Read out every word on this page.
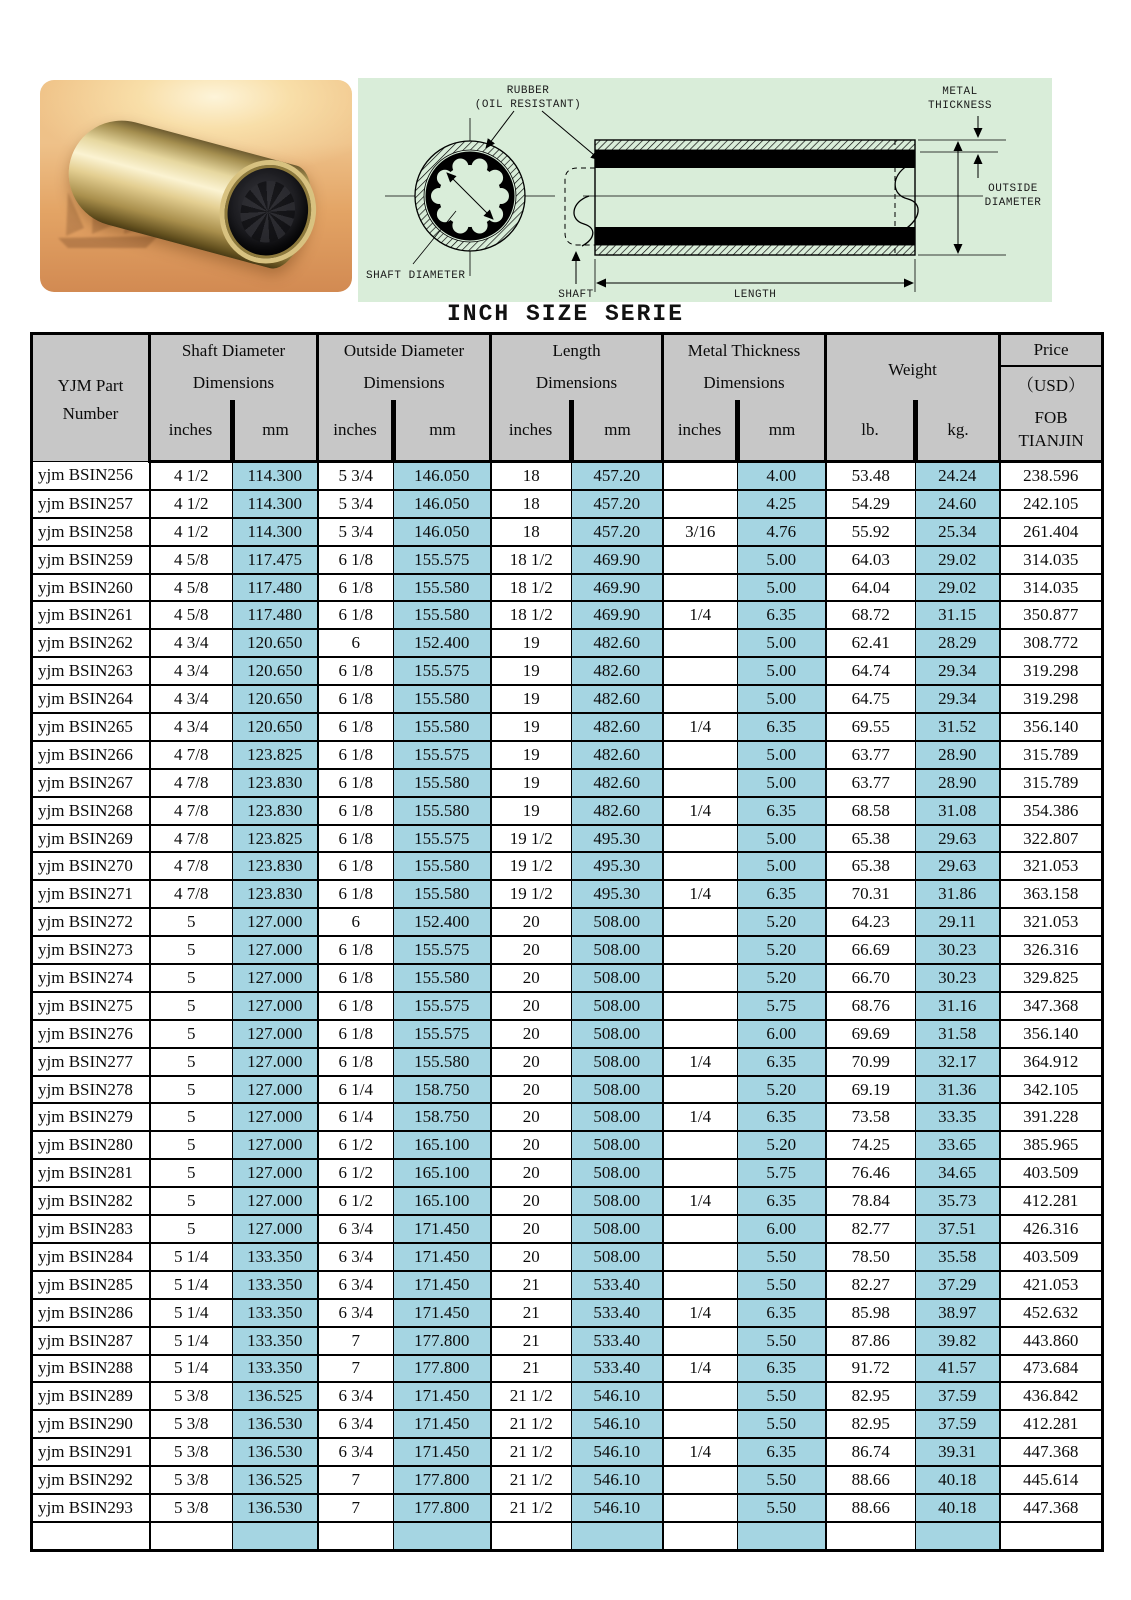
RUBBER
(OIL RESISTANT)
METAL
THICKNESS
OUTSIDE
DIAMETER
SHAFT DIAMETER
SHAFT	LENGTH
INCH SIZE SERIE
YJM Part
Number	Shaft Diameter		Outside Diameter		Length		Metal Thickness		Weight		Price
	Dimensions		Dimensions		Dimensions		Dimensions				（USD）
	inches	mm	inches	mm	inches	mm	inches	mm	lb.	kg.	FOB
TIANJIN

yjm BSIN256	4 1/2	114.300	5 3/4	146.050	18	457.20		4.00	53.48	24.24	238.596
yjm BSIN257	4 1/2	114.300	5 3/4	146.050	18	457.20		4.25	54.29	24.60	242.105
yjm BSIN258	4 1/2	114.300	5 3/4	146.050	18	457.20	3/16	4.76	55.92	25.34	261.404
yjm BSIN259	4 5/8	117.475	6 1/8	155.575	18 1/2	469.90		5.00	64.03	29.02	314.035
yjm BSIN260	4 5/8	117.480	6 1/8	155.580	18 1/2	469.90		5.00	64.04	29.02	314.035
yjm BSIN261	4 5/8	117.480	6 1/8	155.580	18 1/2	469.90	1/4	6.35	68.72	31.15	350.877
yjm BSIN262	4 3/4	120.650	6	152.400	19	482.60		5.00	62.41	28.29	308.772
yjm BSIN263	4 3/4	120.650	6 1/8	155.575	19	482.60		5.00	64.74	29.34	319.298
yjm BSIN264	4 3/4	120.650	6 1/8	155.580	19	482.60		5.00	64.75	29.34	319.298
yjm BSIN265	4 3/4	120.650	6 1/8	155.580	19	482.60	1/4	6.35	69.55	31.52	356.140
yjm BSIN266	4 7/8	123.825	6 1/8	155.575	19	482.60		5.00	63.77	28.90	315.789
yjm BSIN267	4 7/8	123.830	6 1/8	155.580	19	482.60		5.00	63.77	28.90	315.789
yjm BSIN268	4 7/8	123.830	6 1/8	155.580	19	482.60	1/4	6.35	68.58	31.08	354.386
yjm BSIN269	4 7/8	123.825	6 1/8	155.575	19 1/2	495.30		5.00	65.38	29.63	322.807
yjm BSIN270	4 7/8	123.830	6 1/8	155.580	19 1/2	495.30		5.00	65.38	29.63	321.053
yjm BSIN271	4 7/8	123.830	6 1/8	155.580	19 1/2	495.30	1/4	6.35	70.31	31.86	363.158
yjm BSIN272	5	127.000	6	152.400	20	508.00		5.20	64.23	29.11	321.053
yjm BSIN273	5	127.000	6 1/8	155.575	20	508.00		5.20	66.69	30.23	326.316
yjm BSIN274	5	127.000	6 1/8	155.580	20	508.00		5.20	66.70	30.23	329.825
yjm BSIN275	5	127.000	6 1/8	155.575	20	508.00		5.75	68.76	31.16	347.368
yjm BSIN276	5	127.000	6 1/8	155.575	20	508.00		6.00	69.69	31.58	356.140
yjm BSIN277	5	127.000	6 1/8	155.580	20	508.00	1/4	6.35	70.99	32.17	364.912
yjm BSIN278	5	127.000	6 1/4	158.750	20	508.00		5.20	69.19	31.36	342.105
yjm BSIN279	5	127.000	6 1/4	158.750	20	508.00	1/4	6.35	73.58	33.35	391.228
yjm BSIN280	5	127.000	6 1/2	165.100	20	508.00		5.20	74.25	33.65	385.965
yjm BSIN281	5	127.000	6 1/2	165.100	20	508.00		5.75	76.46	34.65	403.509
yjm BSIN282	5	127.000	6 1/2	165.100	20	508.00	1/4	6.35	78.84	35.73	412.281
yjm BSIN283	5	127.000	6 3/4	171.450	20	508.00		6.00	82.77	37.51	426.316
yjm BSIN284	5 1/4	133.350	6 3/4	171.450	20	508.00		5.50	78.50	35.58	403.509
yjm BSIN285	5 1/4	133.350	6 3/4	171.450	21	533.40		5.50	82.27	37.29	421.053
yjm BSIN286	5 1/4	133.350	6 3/4	171.450	21	533.40	1/4	6.35	85.98	38.97	452.632
yjm BSIN287	5 1/4	133.350	7	177.800	21	533.40		5.50	87.86	39.82	443.860
yjm BSIN288	5 1/4	133.350	7	177.800	21	533.40	1/4	6.35	91.72	41.57	473.684
yjm BSIN289	5 3/8	136.525	6 3/4	171.450	21 1/2	546.10		5.50	82.95	37.59	436.842
yjm BSIN290	5 3/8	136.530	6 3/4	171.450	21 1/2	546.10		5.50	82.95	37.59	412.281
yjm BSIN291	5 3/8	136.530	6 3/4	171.450	21 1/2	546.10	1/4	6.35	86.74	39.31	447.368
yjm BSIN292	5 3/8	136.525	7	177.800	21 1/2	546.10		5.50	88.66	40.18	445.614
yjm BSIN293	5 3/8	136.530	7	177.800	21 1/2	546.10		5.50	88.66	40.18	447.368
